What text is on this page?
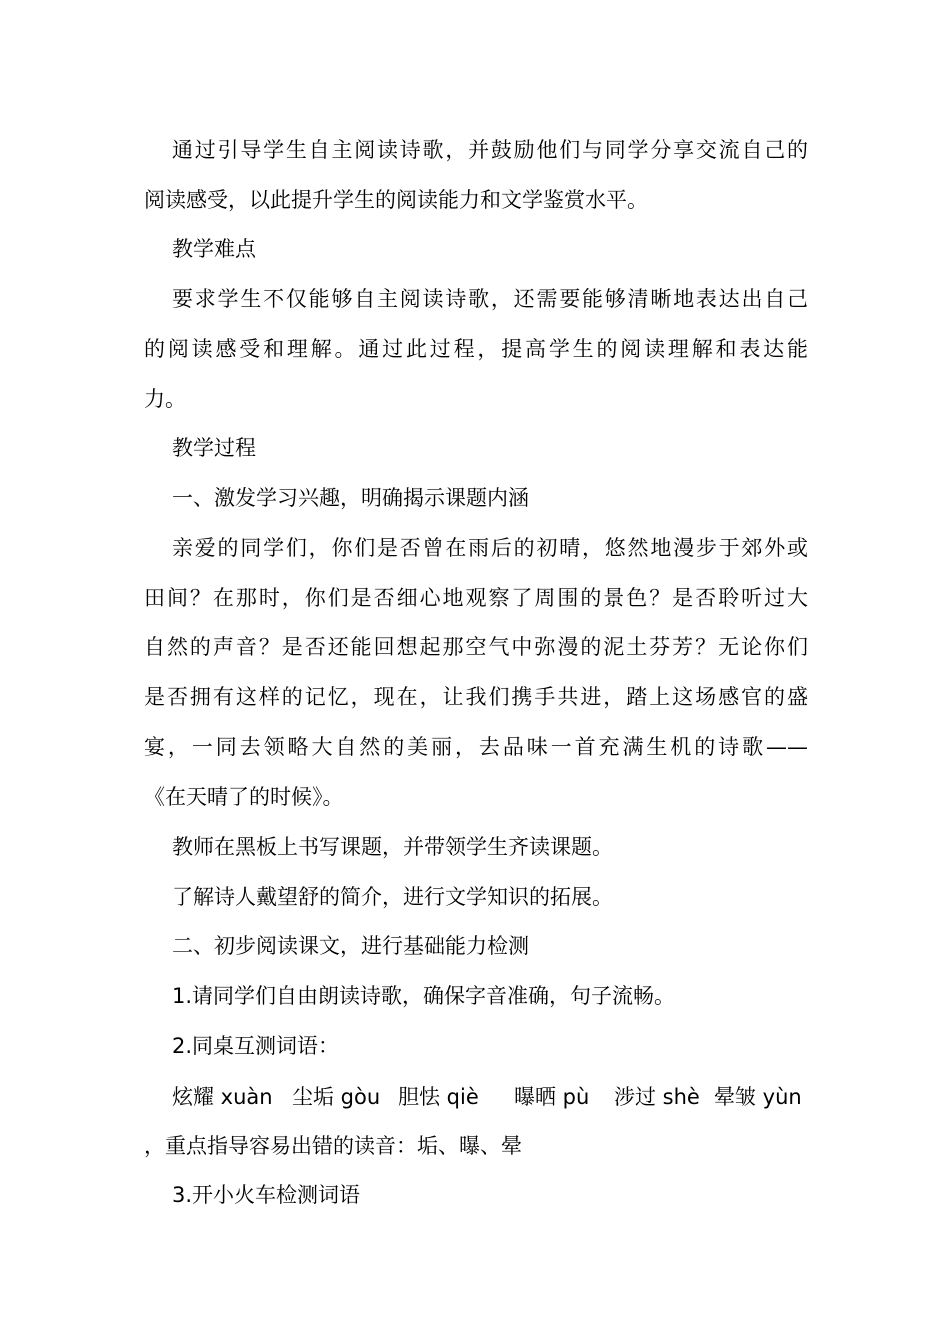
通过引导学生自主阅读诗歌，并鼓励他们与同学分享交流自己的
阅读感受，以此提升学生的阅读能力和文学鉴赏水平。
教学难点
要求学生不仅能够自主阅读诗歌，还需要能够清晰地表达出自己
的阅读感受和理解。通过此过程，提高学生的阅读理解和表达能
力。
教学过程
一、激发学习兴趣，明确揭示课题内涵
亲爱的同学们，你们是否曾在雨后的初晴，悠然地漫步于郊外或
田间？在那时，你们是否细心地观察了周围的景色？是否聆听过大
自然的声音？是否还能回想起那空气中弥漫的泥土芬芳？无论你们
是否拥有这样的记忆，现在，让我们携手共进，踏上这场感官的盛
宴，一同去领略大自然的美丽，去品味一首充满生机的诗歌——
《在天晴了的时候》。
教师在黑板上书写课题，并带领学生齐读课题。
了解诗人戴望舒的简介，进行文学知识的拓展。
二、初步阅读课文，进行基础能力检测
1.请同学们自由朗读诗歌，确保字音准确，句子流畅。
2.同桌互测词语：
炫耀 xuàn 尘垢 gòu 胆怯 qiè 曝晒 pù 涉过 shè 晕皱 yùn
，重点指导容易出错的读音：垢、曝、晕
3.开小火车检测词语
